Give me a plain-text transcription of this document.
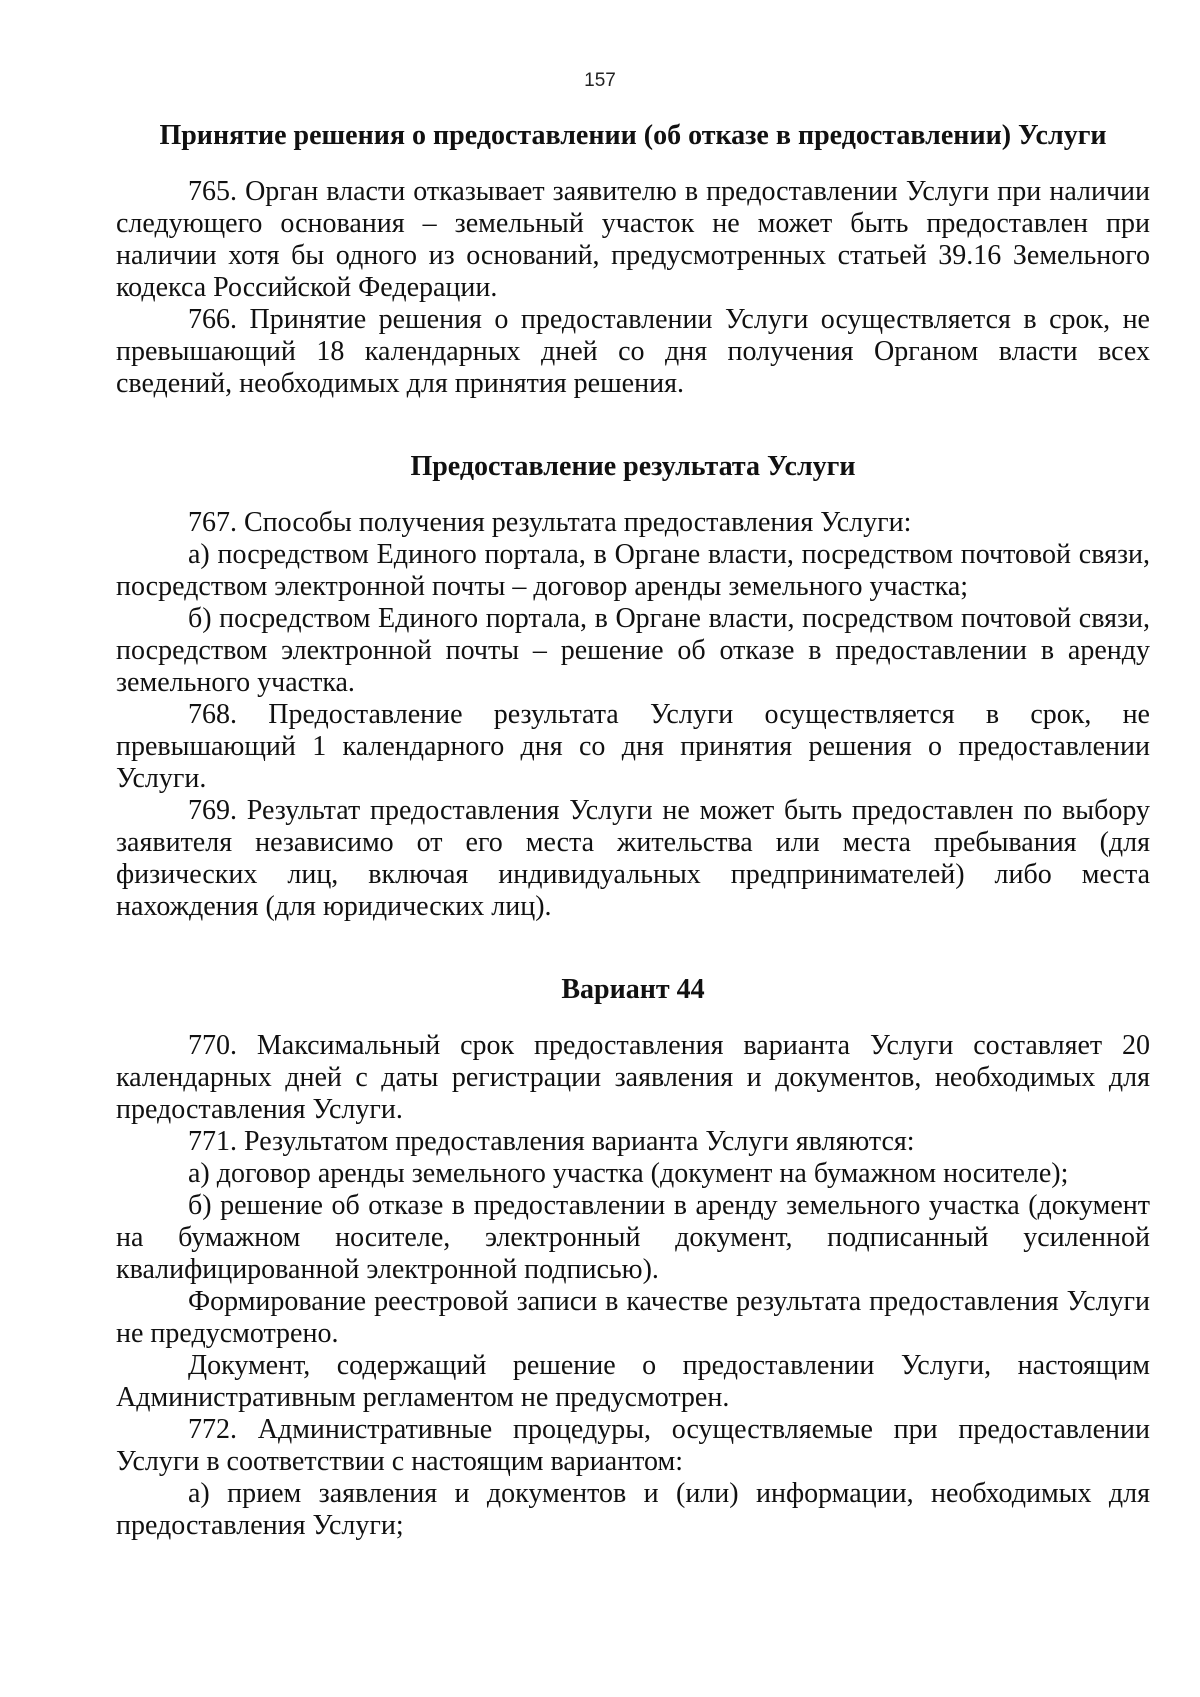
157
Принятие решения о предоставлении (об отказе в предоставлении) Услуги

765. Орган власти отказывает заявителю в предоставлении Услуги при наличии следующего основания – земельный участок не может быть предоставлен при наличии хотя бы одного из оснований, предусмотренных статьей 39.16 Земельного кодекса Российской Федерации.

766. Принятие решения о предоставлении Услуги осуществляется в срок, не превышающий 18 календарных дней со дня получения Органом власти всех сведений, необходимых для принятия решения.

Предоставление результата Услуги

767. Способы получения результата предоставления Услуги:

а) посредством Единого портала, в Органе власти, посредством почтовой связи, посредством электронной почты – договор аренды земельного участка;

б) посредством Единого портала, в Органе власти, посредством почтовой связи, посредством электронной почты – решение об отказе в предоставлении в аренду земельного участка.

768. Предоставление результата Услуги осуществляется в срок, не превышающий 1 календарного дня со дня принятия решения о предоставлении Услуги.

769. Результат предоставления Услуги не может быть предоставлен по выбору заявителя независимо от его места жительства или места пребывания (для физических лиц, включая индивидуальных предпринимателей) либо места нахождения (для юридических лиц).

Вариант 44

770. Максимальный срок предоставления варианта Услуги составляет 20 календарных дней с даты регистрации заявления и документов, необходимых для предоставления Услуги.

771. Результатом предоставления варианта Услуги являются:

а) договор аренды земельного участка (документ на бумажном носителе);

б) решение об отказе в предоставлении в аренду земельного участка (документ на бумажном носителе, электронный документ, подписанный усиленной квалифицированной электронной подписью).

Формирование реестровой записи в качестве результата предоставления Услуги не предусмотрено.

Документ, содержащий решение о предоставлении Услуги, настоящим Административным регламентом не предусмотрен.

772. Административные процедуры, осуществляемые при предоставлении Услуги в соответствии с настоящим вариантом:

а) прием заявления и документов и (или) информации, необходимых для предоставления Услуги;
